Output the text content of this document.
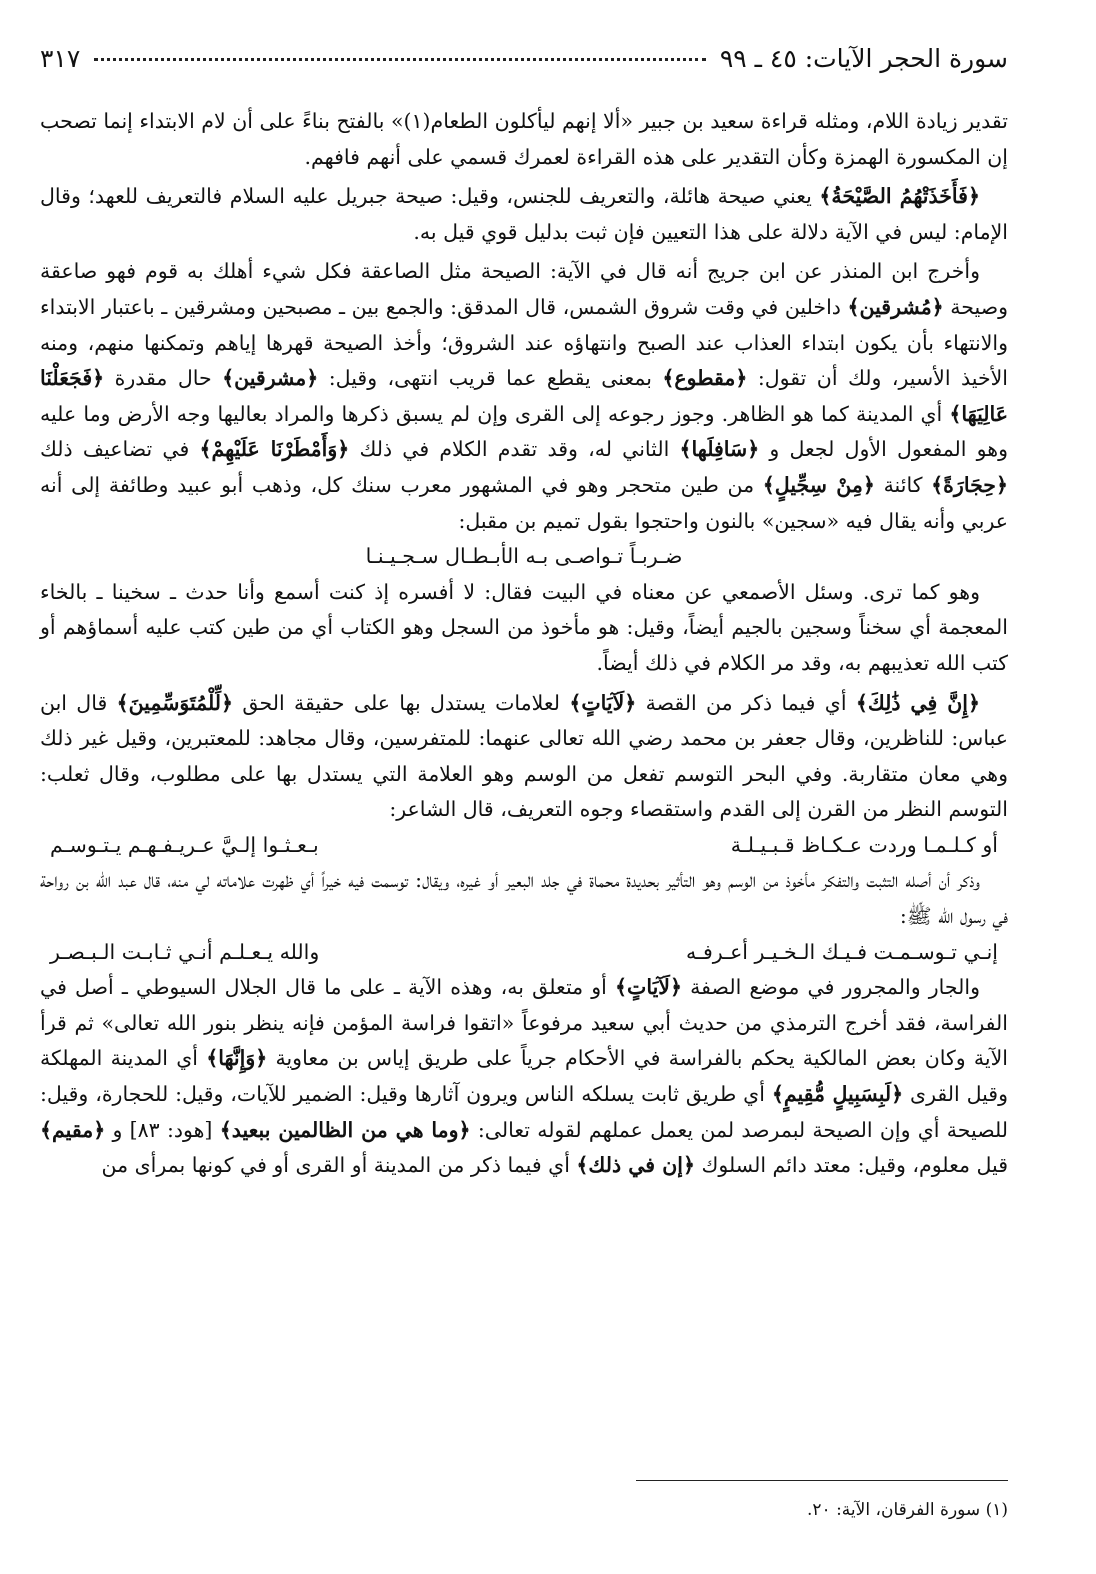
سورة الحجر الآيات: ٤٥ ـ ٩٩
٣١٧

تقدير زيادة اللام، ومثله قراءة سعيد بن جبير «ألا إنهم ليأكلون الطعام(١)» بالفتح بناءً على أن لام الابتداء إنما تصحب إن المكسورة الهمزة وكأن التقدير على هذه القراءة لعمرك قسمي على أنهم فافهم.

﴿فَأَخَذَتْهُمُ الصَّيْحَةُ﴾ يعني صيحة هائلة، والتعريف للجنس، وقيل: صيحة جبريل عليه السلام فالتعريف للعهد؛ وقال الإمام: ليس في الآية دلالة على هذا التعيين فإن ثبت بدليل قوي قيل به.

وأخرج ابن المنذر عن ابن جريج أنه قال في الآية: الصيحة مثل الصاعقة فكل شيء أهلك به قوم فهو صاعقة وصيحة ﴿مُشرقين﴾ داخلين في وقت شروق الشمس، قال المدقق: والجمع بين ـ مصبحين ومشرقين ـ باعتبار الابتداء والانتهاء بأن يكون ابتداء العذاب عند الصبح وانتهاؤه عند الشروق؛ وأخذ الصيحة قهرها إياهم وتمكنها منهم، ومنه الأخيذ الأسير، ولك أن تقول: ﴿مقطوع﴾ بمعنى يقطع عما قريب انتهى، وقيل: ﴿مشرقين﴾ حال مقدرة ﴿فَجَعَلْنَا عَالِيَهَا﴾ أي المدينة كما هو الظاهر. وجوز رجوعه إلى القرى وإن لم يسبق ذكرها والمراد بعاليها وجه الأرض وما عليه وهو المفعول الأول لجعل و ﴿سَافِلَها﴾ الثاني له، وقد تقدم الكلام في ذلك ﴿وَأَمْطَرْنَا عَلَيْهِمْ﴾ في تضاعيف ذلك ﴿حِجَارَةً﴾ كائنة ﴿مِنْ سِجِّيلٍ﴾ من طين متحجر وهو في المشهور معرب سنك كل، وذهب أبو عبيد وطائفة إلى أنه عربي وأنه يقال فيه «سجين» بالنون واحتجوا بقول تميم بن مقبل:

ضـربـاً تـواصـى بـه الأبـطـال سـجـيـنـا

وهو كما ترى. وسئل الأصمعي عن معناه في البيت فقال: لا أفسره إذ كنت أسمع وأنا حدث ـ سخينا ـ بالخاء المعجمة أي سخناً وسجين بالجيم أيضاً، وقيل: هو مأخوذ من السجل وهو الكتاب أي من طين كتب عليه أسماؤهم أو كتب الله تعذيبهم به، وقد مر الكلام في ذلك أيضاً.

﴿إِنَّ فِي ذَٰلِكَ﴾ أي فيما ذكر من القصة ﴿لَآيَاتٍ﴾ لعلامات يستدل بها على حقيقة الحق ﴿لِّلْمُتَوَسِّمِينَ﴾ قال ابن عباس: للناظرين، وقال جعفر بن محمد رضي الله تعالى عنهما: للمتفرسين، وقال مجاهد: للمعتبرين، وقيل غير ذلك وهي معان متقاربة. وفي البحر التوسم تفعل من الوسم وهو العلامة التي يستدل بها على مطلوب، وقال ثعلب: التوسم النظر من القرن إلى القدم واستقصاء وجوه التعريف، قال الشاعر:

أو كـلـمـا وردت عـكـاظ قـبـيـلـة
بـعـثـوا إلـيَّ عـريـفـهـم يـتـوسـم

وذكر أن أصله التثبت والتفكر مأخوذ من الوسم وهو التأثير بحديدة محماة في جلد البعير أو غيره، ويقال: توسمت فيه خيراً أي ظهرت علاماته لي منه، قال عبد الله بن رواحة في رسول الله ﷺ:

إنـي تـوسـمـت فـيـك الـخـيـر أعـرفـه
والله يـعـلـم أنـي ثـابـت الـبـصـر

والجار والمجرور في موضع الصفة ﴿لَآيَاتٍ﴾ أو متعلق به، وهذه الآية ـ على ما قال الجلال السيوطي ـ أصل في الفراسة، فقد أخرج الترمذي من حديث أبي سعيد مرفوعاً «اتقوا فراسة المؤمن فإنه ينظر بنور الله تعالى» ثم قرأ الآية وكان بعض المالكية يحكم بالفراسة في الأحكام جرياً على طريق إياس بن معاوية ﴿وَإِنَّهَا﴾ أي المدينة المهلكة وقيل القرى ﴿لَبِسَبِيلٍ مُّقِيمٍ﴾ أي طريق ثابت يسلكه الناس ويرون آثارها وقيل: الضمير للآيات، وقيل: للحجارة، وقيل: للصيحة أي وإن الصيحة لبمرصد لمن يعمل عملهم لقوله تعالى: ﴿وما هي من الظالمين ببعيد﴾ [هود: ٨٣] و ﴿مقيم﴾ قيل معلوم، وقيل: معتد دائم السلوك ﴿إن في ذلك﴾ أي فيما ذكر من المدينة أو القرى أو في كونها بمرأى من

(١) سورة الفرقان، الآية: ٢٠.
